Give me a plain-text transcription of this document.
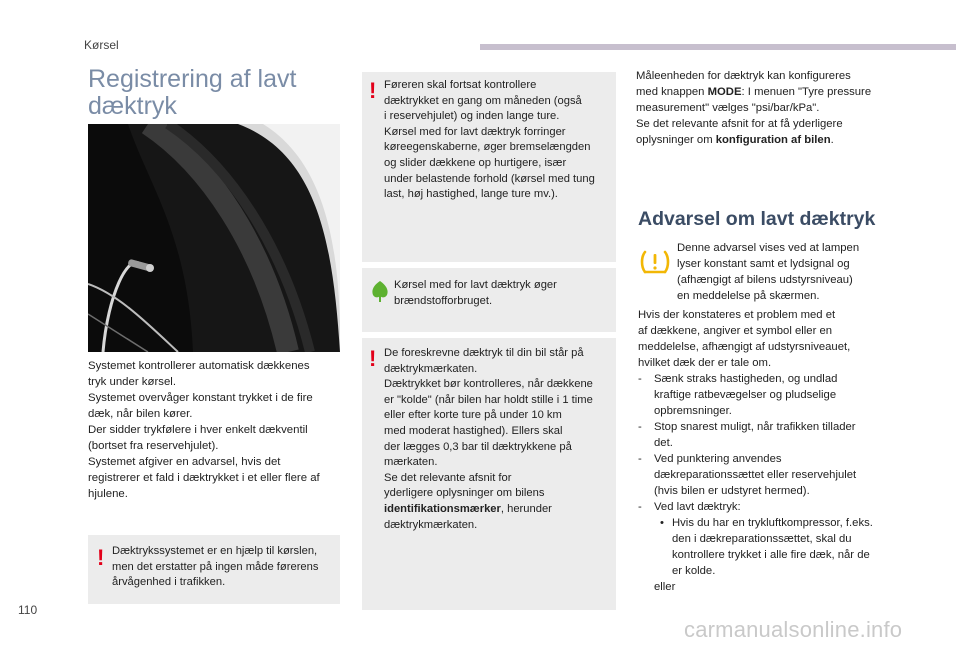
Kørsel
Registrering af lavt
dæktryk

Systemet kontrollerer automatisk dækkenes

tryk under kørsel.

Systemet overvåger konstant trykket i de fire

dæk, når bilen kører.

Der sidder trykfølere i hver enkelt dækventil

(bortset fra reservehjulet).

Systemet afgiver en advarsel, hvis det

registrerer et fald i dæktrykket i et eller flere af

hjulene.

! Dæktrykssystemet er en hjælp til kørslen,
men det erstatter på ingen måde førerens
årvågenhed i trafikken.
! Føreren skal fortsat kontrollere
dæktrykket en gang om måneden (også
i reservehjulet) og inden lange ture.
Kørsel med for lavt dæktryk forringer
køreegenskaberne, øger bremselængden
og slider dækkene op hurtigere, især
under belastende forhold (kørsel med tung
last, høj hastighed, lange ture mv.).
Kørsel med for lavt dæktryk øger
brændstofforbruget.
! De foreskrevne dæktryk til din bil står på
dæktrykmærkaten.
Dæktrykket bør kontrolleres, når dækkene
er "kolde" (når bilen har holdt stille i 1 time
eller efter korte ture på under 10 km
med moderat hastighed). Ellers skal
der lægges 0,3 bar til dæktrykkene på
mærkaten.
Se det relevante afsnit for
yderligere oplysninger om bilens
identifikationsmærker, herunder
dæktrykmærkaten.
Måleenheden for dæktryk kan konfigureres
med knappen MODE: I menuen "Tyre pressure
measurement" vælges "psi/bar/kPa".
Se det relevante afsnit for at få yderligere
oplysninger om konfiguration af bilen.
Advarsel om lavt dæktryk
Denne advarsel vises ved at lampen
lyser konstant samt et lydsignal og
(afhængigt af bilens udstyrsniveau)
en meddelelse på skærmen.
Hvis der konstateres et problem med et
af dækkene, angiver et symbol eller en
meddelelse, afhængigt af udstyrsniveauet,
hvilket dæk der er tale om.
- Sænk straks hastigheden, og undlad
kraftige ratbevægelser og pludselige
opbremsninger.
- Stop snarest muligt, når trafikken tillader
det.
- Ved punktering anvendes
dækreparationssættet eller reservehjulet
(hvis bilen er udstyret hermed).
- Ved lavt dæktryk:
• Hvis du har en trykluftkompressor, f.eks.
den i dækreparationssættet, skal du
kontrollere trykket i alle fire dæk, når de
er kolde.
eller
110
carmanualsonline.info
